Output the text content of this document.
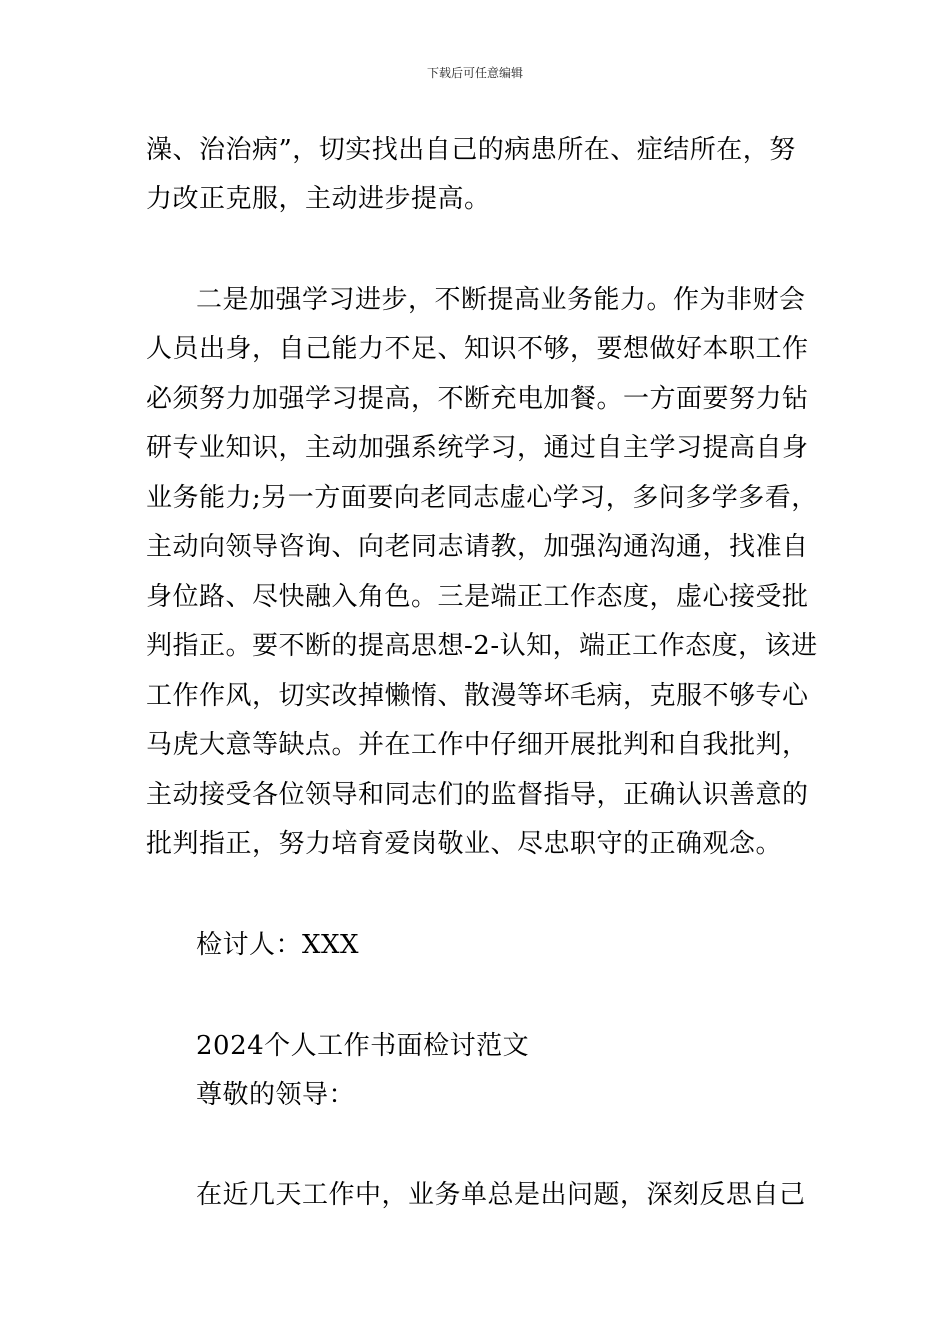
下载后可任意编辑
澡、治治病”，切实找出自己的病患所在、症结所在，努
力改正克服，主动进步提高。
二是加强学习进步，不断提高业务能力。作为非财会
人员出身，自己能力不足、知识不够，要想做好本职工作
必须努力加强学习提高，不断充电加餐。一方面要努力钻
研专业知识，主动加强系统学习，通过自主学习提高自身
业务能力;另一方面要向老同志虚心学习，多问多学多看，
主动向领导咨询、向老同志请教，加强沟通沟通，找准自
身位路、尽快融入角色。三是端正工作态度，虚心接受批
判指正。要不断的提高思想-2-认知，端正工作态度，该进
工作作风，切实改掉懒惰、散漫等坏毛病，克服不够专心
马虎大意等缺点。并在工作中仔细开展批判和自我批判，
主动接受各位领导和同志们的监督指导，正确认识善意的
批判指正，努力培育爱岗敬业、尽忠职守的正确观念。
检讨人：XXX
2024个人工作书面检讨范文
尊敬的领导：
在近几天工作中，业务单总是出问题，深刻反思自己
